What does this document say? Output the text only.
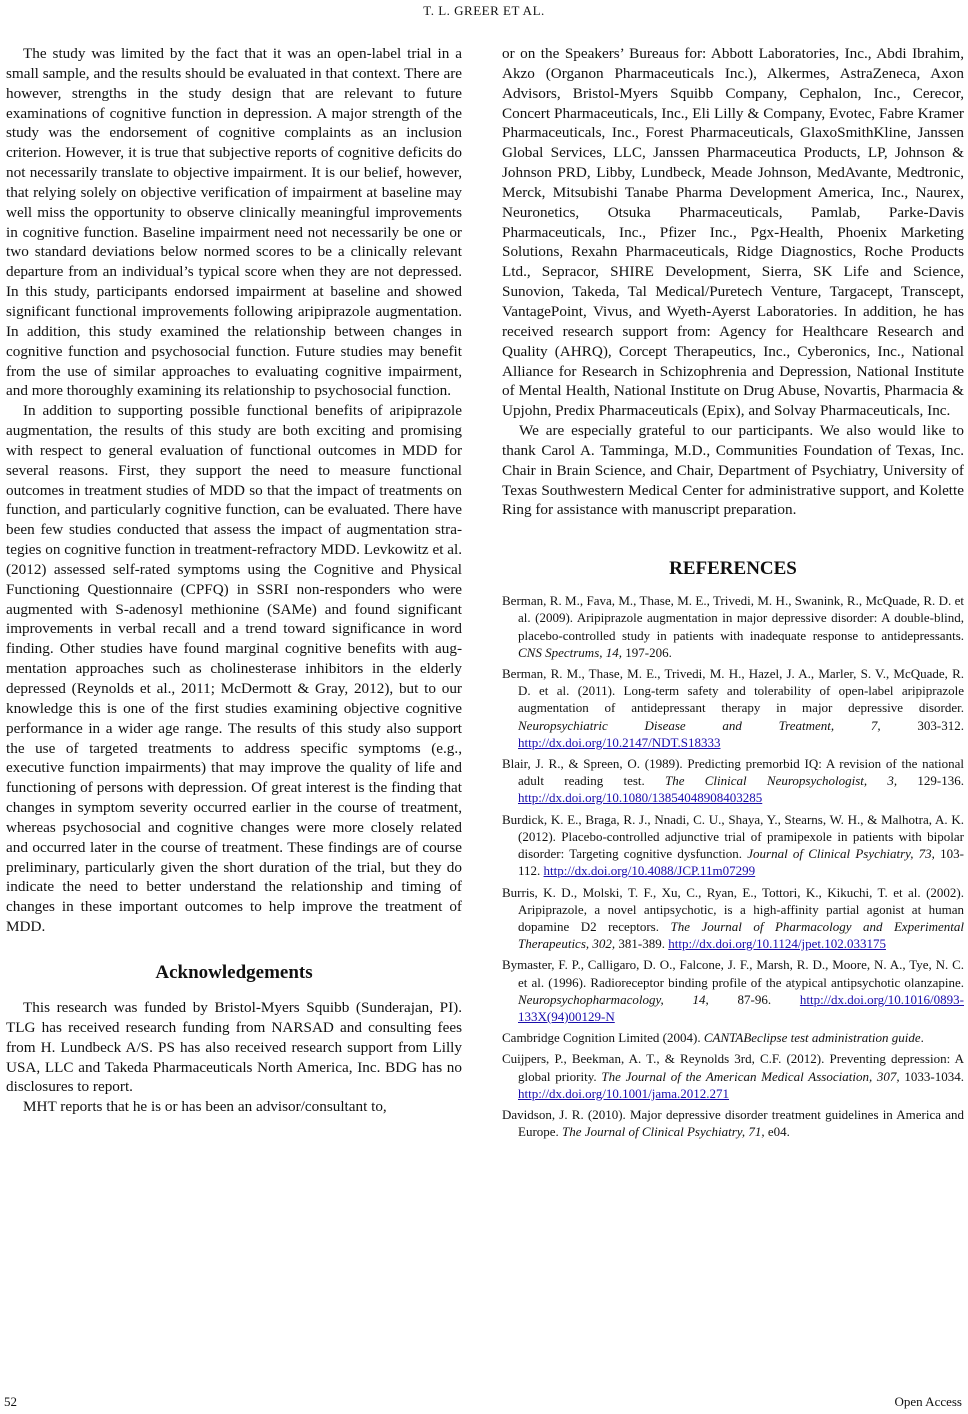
T. L. GREER ET AL.

The study was limited by the fact that it was an open-label trial in a small sample, and the results should be evaluated in that context. There are however, strengths in the study design that are relevant to future examinations of cognitive function in depression. A major strength of the study was the endorsement of cognitive complaints as an inclusion criterion. However, it is true that subjective reports of cognitive deficits do not necessarily translate to objective impairment. It is our belief, however, that relying solely on objective verification of impairment at baseline may well miss the opportunity to observe clinically meaningful improvements in cognitive function. Baseline impairment need not necessarily be one or two standard deviations below normed scores to be a clinically relevant departure from an individual’s typical score when they are not depressed. In this study, participants endorsed impairment at baseline and showed significant functional improvements following aripiprazole augmentation. In addition, this study examined the relationship between changes in cognitive function and psychosocial function. Future studies may benefit from the use of similar approaches to evaluating cognitive impairment, and more thoroughly examining its relationship to psychosocial function.

In addition to supporting possible functional benefits of aripiprazole augmentation, the results of this study are both exciting and promising with respect to general evaluation of functional outcomes in MDD for several reasons. First, they support the need to measure functional outcomes in treatment studies of MDD so that the impact of treatments on function, and particularly cognitive function, can be evaluated. There have been few studies conducted that assess the impact of augmentation strategies on cognitive function in treatment-refractory MDD. Levkowitz et al. (2012) assessed self-rated symptoms using the Cognitive and Physical Functioning Questionnaire (CPFQ) in SSRI non-responders who were augmented with S-adenosyl methionine (SAMe) and found significant improvements in verbal recall and a trend toward significance in word finding. Other studies have found marginal cognitive benefits with augmentation approaches such as cholinesterase inhibitors in the elderly depressed (Reynolds et al., 2011; McDermott & Gray, 2012), but to our knowledge this is one of the first studies examining objective cognitive performance in a wider age range. The results of this study also support the use of targeted treatments to address specific symptoms (e.g., executive function impairments) that may improve the quality of life and functioning of persons with depression. Of great interest is the finding that changes in symptom severity occurred earlier in the course of treatment, whereas psychosocial and cognitive changes were more closely related and occurred later in the course of treatment. These findings are of course preliminary, particularly given the short duration of the trial, but they do indicate the need to better understand the relationship and timing of changes in these important outcomes to help improve the treatment of MDD.

Acknowledgements

This research was funded by Bristol-Myers Squibb (Sunderajan, PI). TLG has received research funding from NARSAD and consulting fees from H. Lundbeck A/S. PS has also received research support from Lilly USA, LLC and Takeda Pharmaceuticals North America, Inc. BDG has no disclosures to report.

MHT reports that he is or has been an advisor/consultant to,

or on the Speakers’ Bureaus for: Abbott Laboratories, Inc., Abdi Ibrahim, Akzo (Organon Pharmaceuticals Inc.), Alkermes, AstraZeneca, Axon Advisors, Bristol-Myers Squibb Company, Cephalon, Inc., Cerecor, Concert Pharmaceuticals, Inc., Eli Lilly & Company, Evotec, Fabre Kramer Pharmaceuticals, Inc., Forest Pharmaceuticals, GlaxoSmithKline, Janssen Global Services, LLC, Janssen Pharmaceutica Products, LP, Johnson & Johnson PRD, Libby, Lundbeck, Meade Johnson, MedAvante, Medtronic, Merck, Mitsubishi Tanabe Pharma Development America, Inc., Naurex, Neuronetics, Otsuka Pharmaceuticals, Pamlab, Parke-Davis Pharmaceuticals, Inc., Pfizer Inc., Pgx-Health, Phoenix Marketing Solutions, Rexahn Pharmaceuticals, Ridge Diagnostics, Roche Products Ltd., Sepracor, SHIRE Development, Sierra, SK Life and Science, Sunovion, Takeda, Tal Medical/Puretech Venture, Targacept, Transcept, VantagePoint, Vivus, and Wyeth-Ayerst Laboratories. In addition, he has received research support from: Agency for Healthcare Research and Quality (AHRQ), Corcept Therapeutics, Inc., Cyberonics, Inc., National Alliance for Research in Schizophrenia and Depression, National Institute of Mental Health, National Institute on Drug Abuse, Novartis, Pharmacia & Upjohn, Predix Pharmaceuticals (Epix), and Solvay Pharmaceuticals, Inc.

We are especially grateful to our participants. We also would like to thank Carol A. Tamminga, M.D., Communities Foundation of Texas, Inc. Chair in Brain Science, and Chair, Department of Psychiatry, University of Texas Southwestern Medical Center for administrative support, and Kolette Ring for assistance with manuscript preparation.

REFERENCES
Berman, R. M., Fava, M., Thase, M. E., Trivedi, M. H., Swanink, R., McQuade, R. D. et al. (2009). Aripiprazole augmentation in major depressive disorder: A double-blind, placebo-controlled study in patients with inadequate response to antidepressants. CNS Spectrums, 14, 197-206.
Berman, R. M., Thase, M. E., Trivedi, M. H., Hazel, J. A., Marler, S. V., McQuade, R. D. et al. (2011). Long-term safety and tolerability of open-label aripiprazole augmentation of antidepressant therapy in major depressive disorder. Neuropsychiatric Disease and Treatment, 7, 303-312. http://dx.doi.org/10.2147/NDT.S18333
Blair, J. R., & Spreen, O. (1989). Predicting premorbid IQ: A revision of the national adult reading test. The Clinical Neuropsychologist, 3, 129-136. http://dx.doi.org/10.1080/13854048908403285
Burdick, K. E., Braga, R. J., Nnadi, C. U., Shaya, Y., Stearns, W. H., & Malhotra, A. K. (2012). Placebo-controlled adjunctive trial of pramipexole in patients with bipolar disorder: Targeting cognitive dysfunction. Journal of Clinical Psychiatry, 73, 103-112. http://dx.doi.org/10.4088/JCP.11m07299
Burris, K. D., Molski, T. F., Xu, C., Ryan, E., Tottori, K., Kikuchi, T. et al. (2002). Aripiprazole, a novel antipsychotic, is a high-affinity partial agonist at human dopamine D2 receptors. The Journal of Pharmacology and Experimental Therapeutics, 302, 381-389. http://dx.doi.org/10.1124/jpet.102.033175
Bymaster, F. P., Calligaro, D. O., Falcone, J. F., Marsh, R. D., Moore, N. A., Tye, N. C. et al. (1996). Radioreceptor binding profile of the atypical antipsychotic olanzapine. Neuropsychopharmacology, 14, 87-96. http://dx.doi.org/10.1016/0893-133X(94)00129-N
Cambridge Cognition Limited (2004). CANTABeclipse test administration guide.
Cuijpers, P., Beekman, A. T., & Reynolds 3rd, C.F. (2012). Preventing depression: A global priority. The Journal of the American Medical Association, 307, 1033-1034. http://dx.doi.org/10.1001/jama.2012.271
Davidson, J. R. (2010). Major depressive disorder treatment guidelines in America and Europe. The Journal of Clinical Psychiatry, 71, e04.
52	Open Access
